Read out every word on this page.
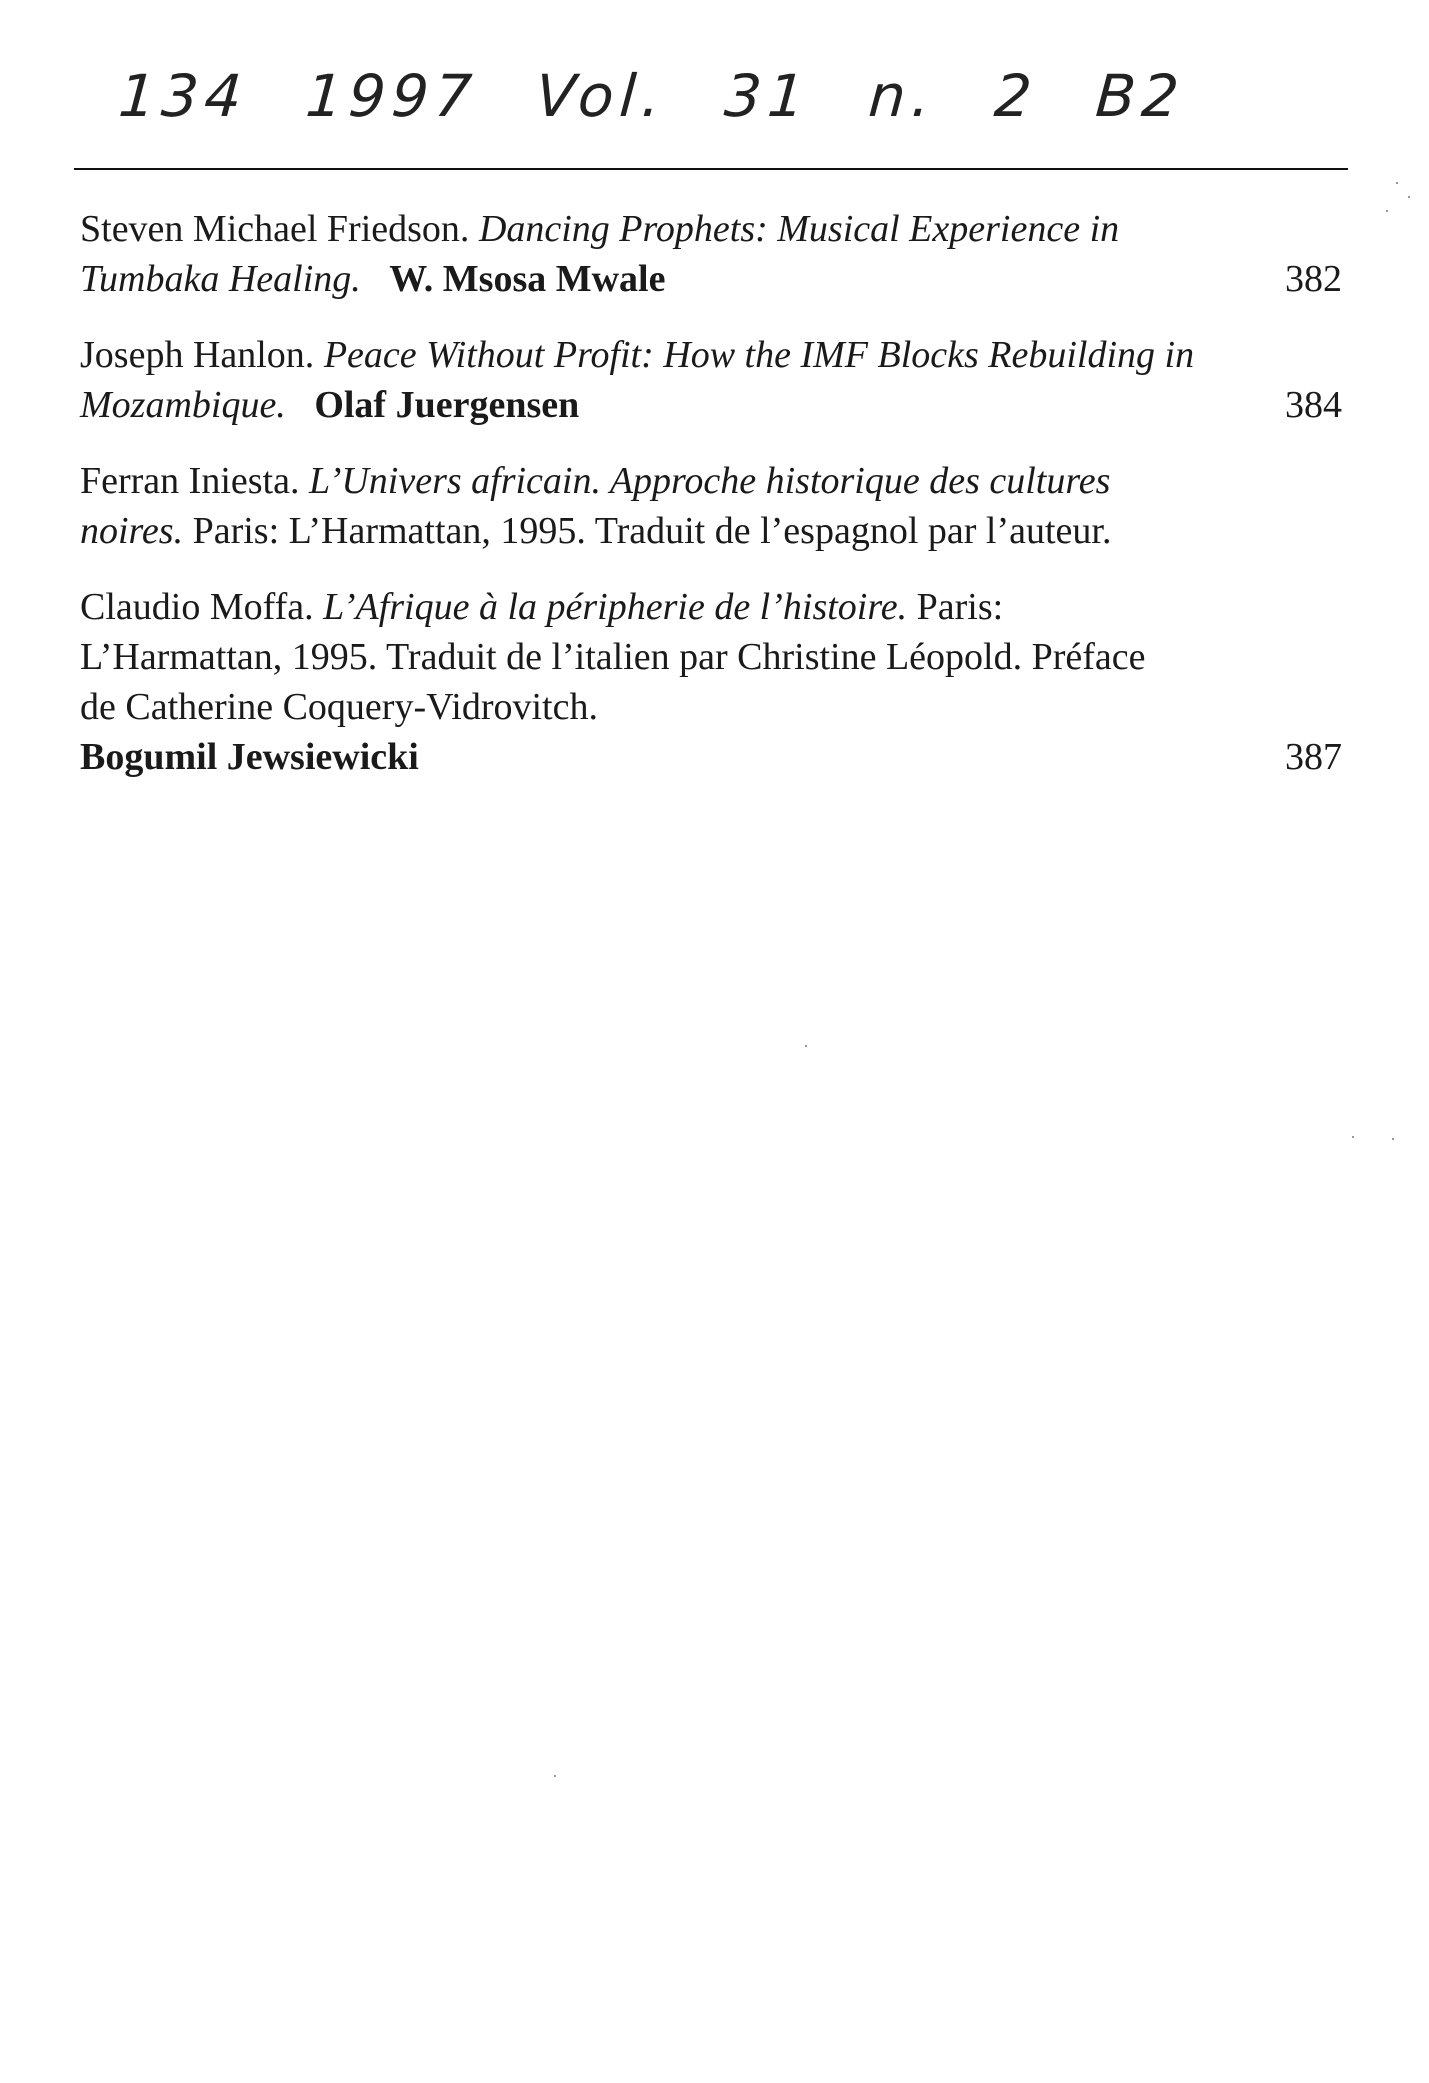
134 1997 Vol. 31 n. 2 B2
Steven Michael Friedson. Dancing Prophets: Musical Experience in Tumbaka Healing. W. Msosa Mwale	382
Joseph Hanlon. Peace Without Profit: How the IMF Blocks Rebuilding in Mozambique. Olaf Juergensen	384
Ferran Iniesta. L’Univers africain. Approche historique des cultures noires. Paris: L’Harmattan, 1995. Traduit de l’espagnol par l’auteur.
Claudio Moffa. L’Afrique à la péripherie de l’histoire. Paris: L’Harmattan, 1995. Traduit de l’italien par Christine Léopold. Préface de Catherine Coquery-Vidrovitch.
Bogumil Jewsiewicki	387
